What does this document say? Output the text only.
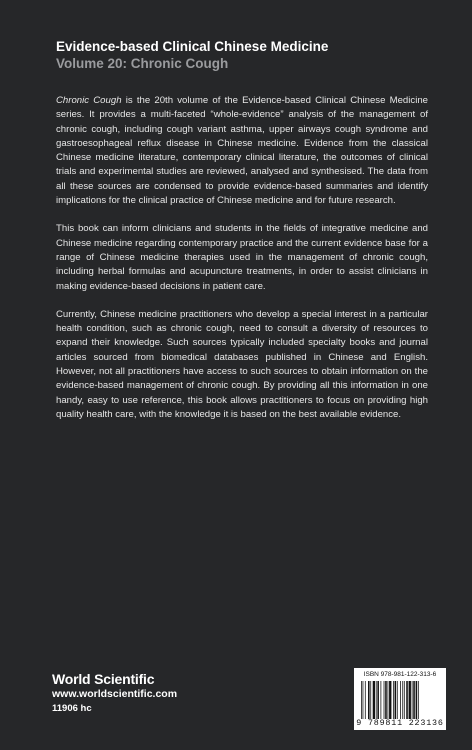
Evidence-based Clinical Chinese Medicine
Volume 20: Chronic Cough

Chronic Cough is the 20th volume of the Evidence-based Clinical Chinese Medicine series. It provides a multi-faceted “whole-evidence” analysis of the management of chronic cough, including cough variant asthma, upper airways cough syndrome and gastroesophageal reflux disease in Chinese medicine. Evidence from the classical Chinese medicine literature, contemporary clinical literature, the outcomes of clinical trials and experimental studies are reviewed, analysed and synthesised. The data from all these sources are condensed to provide evidence-based summaries and identify implications for the clinical practice of Chinese medicine and for future research.

This book can inform clinicians and students in the fields of integrative medicine and Chinese medicine regarding contemporary practice and the current evidence base for a range of Chinese medicine therapies used in the management of chronic cough, including herbal formulas and acupuncture treatments, in order to assist clinicians in making evidence-based decisions in patient care.

Currently, Chinese medicine practitioners who develop a special interest in a particular health condition, such as chronic cough, need to consult a diversity of resources to expand their knowledge. Such sources typically included specialty books and journal articles sourced from biomedical databases published in Chinese and English. However, not all practitioners have access to such sources to obtain information on the evidence-based management of chronic cough. By providing all this information in one handy, easy to use reference, this book allows practitioners to focus on providing high quality health care, with the knowledge it is based on the best available evidence.

World Scientific
www.worldscientific.com
11906 hc
ISBN 978-981-122-313-6
9 789811 223136
